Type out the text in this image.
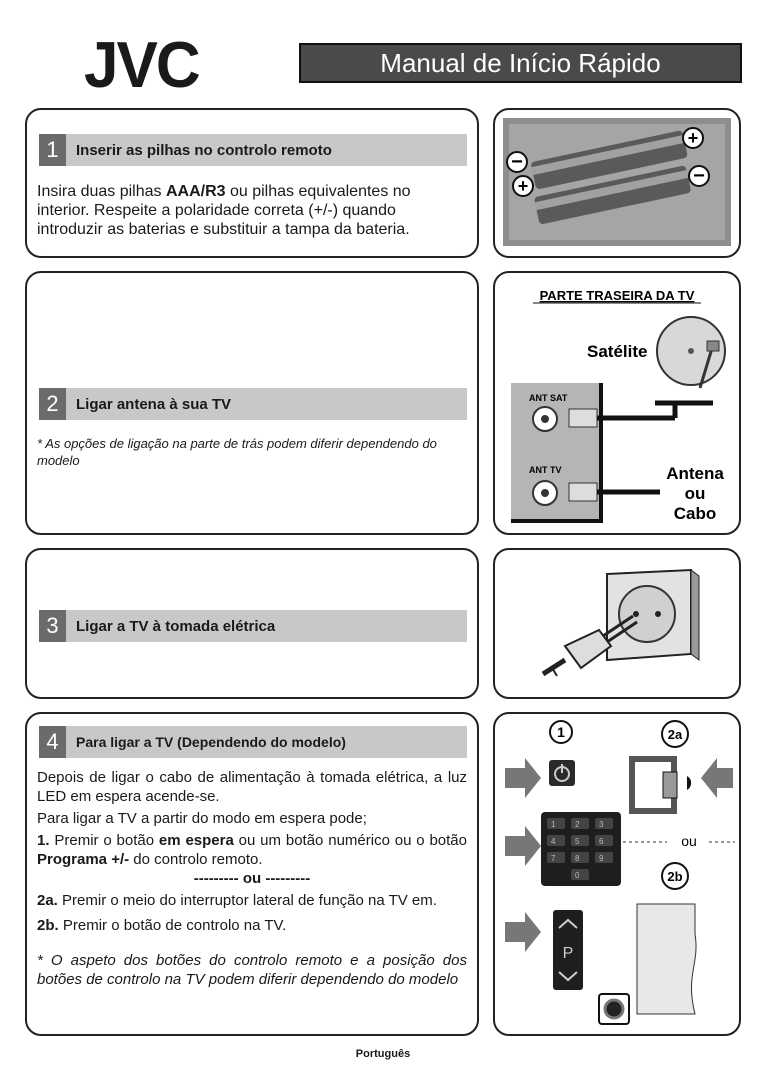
JVC	Manual de Início Rápido
1	Inserir as pilhas no controlo remoto
Insira duas pilhas AAA/R3 ou pilhas equivalentes no interior. Respeite a polaridade correta (+/-) quando introduzir as baterias e substituir a tampa da bateria.
+
−
+	−
2	Ligar antena à sua TV
* As opções de ligação na parte de trás podem diferir dependendo do modelo
PARTE TRASEIRA DA TV
ANT SAT
ANT TV
Satélite
Antena
ou
Cabo
3	Ligar a TV à tomada elétrica
4	Para ligar a TV (Dependendo do modelo)
Depois de ligar o cabo de alimentação à tomada elétrica, a luz LED em espera acende-se.
Para ligar a TV a partir do modo em espera pode;
1. Premir o botão em espera ou um botão numérico ou o botão Programa +/- do controlo remoto.
--------- ou ---------
2a. Premir o meio do interruptor lateral de função na TV em.
2b. Premir o botão de controlo na TV.
* O aspeto dos botões do controlo remoto e a posição dos botões de controlo na TV podem diferir dependendo do modelo
1	2a
1 2 3
4 5 6
7 8 9
0
ou
2b
P
Português
